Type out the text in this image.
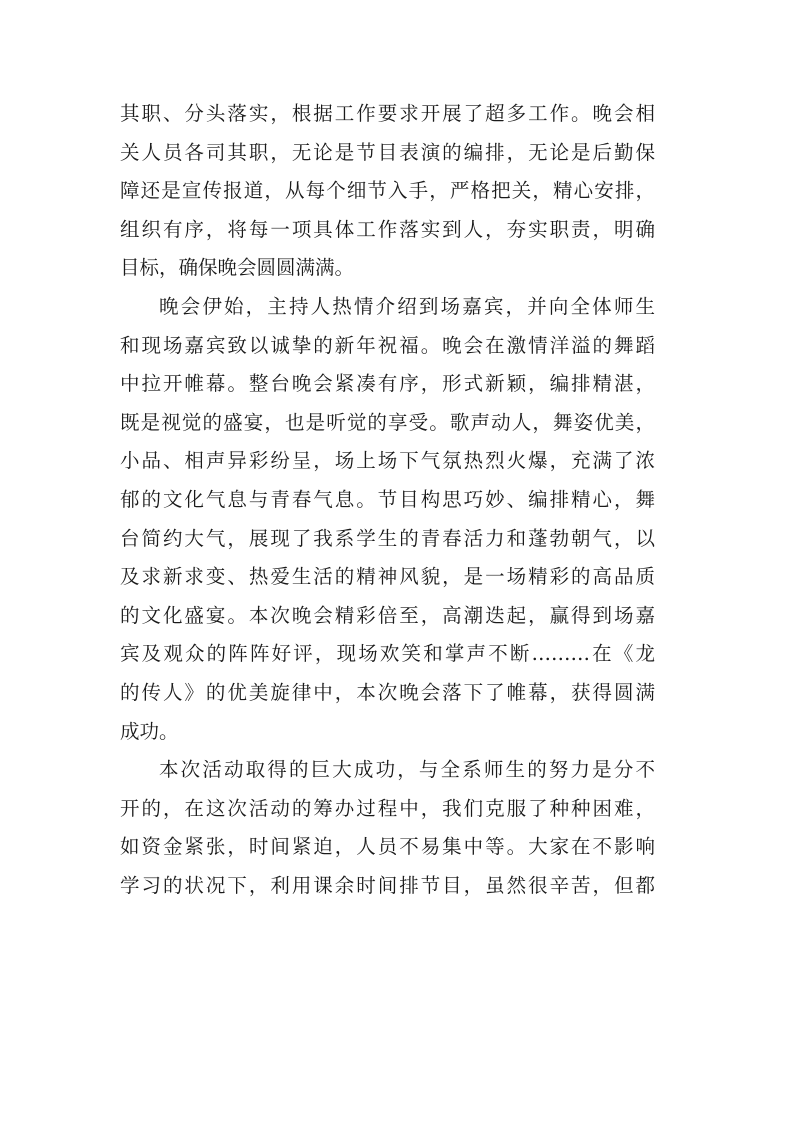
其职、分头落实，根据工作要求开展了超多工作。晚会相
关人员各司其职，无论是节目表演的编排，无论是后勤保
障还是宣传报道，从每个细节入手，严格把关，精心安排，
组织有序，将每一项具体工作落实到人，夯实职责，明确
目标，确保晚会圆圆满满。
晚会伊始，主持人热情介绍到场嘉宾，并向全体师生
和现场嘉宾致以诚挚的新年祝福。晚会在激情洋溢的舞蹈
中拉开帷幕。整台晚会紧凑有序，形式新颖，编排精湛，
既是视觉的盛宴，也是听觉的享受。歌声动人，舞姿优美，
小品、相声异彩纷呈，场上场下气氛热烈火爆，充满了浓
郁的文化气息与青春气息。节目构思巧妙、编排精心，舞
台简约大气，展现了我系学生的青春活力和蓬勃朝气，以
及求新求变、热爱生活的精神风貌，是一场精彩的高品质
的文化盛宴。本次晚会精彩倍至，高潮迭起，赢得到场嘉
宾及观众的阵阵好评，现场欢笑和掌声不断………在《龙
的传人》的优美旋律中，本次晚会落下了帷幕，获得圆满
成功。
本次活动取得的巨大成功，与全系师生的努力是分不
开的，在这次活动的筹办过程中，我们克服了种种困难，
如资金紧张，时间紧迫，人员不易集中等。大家在不影响
学习的状况下，利用课余时间排节目，虽然很辛苦，但都
